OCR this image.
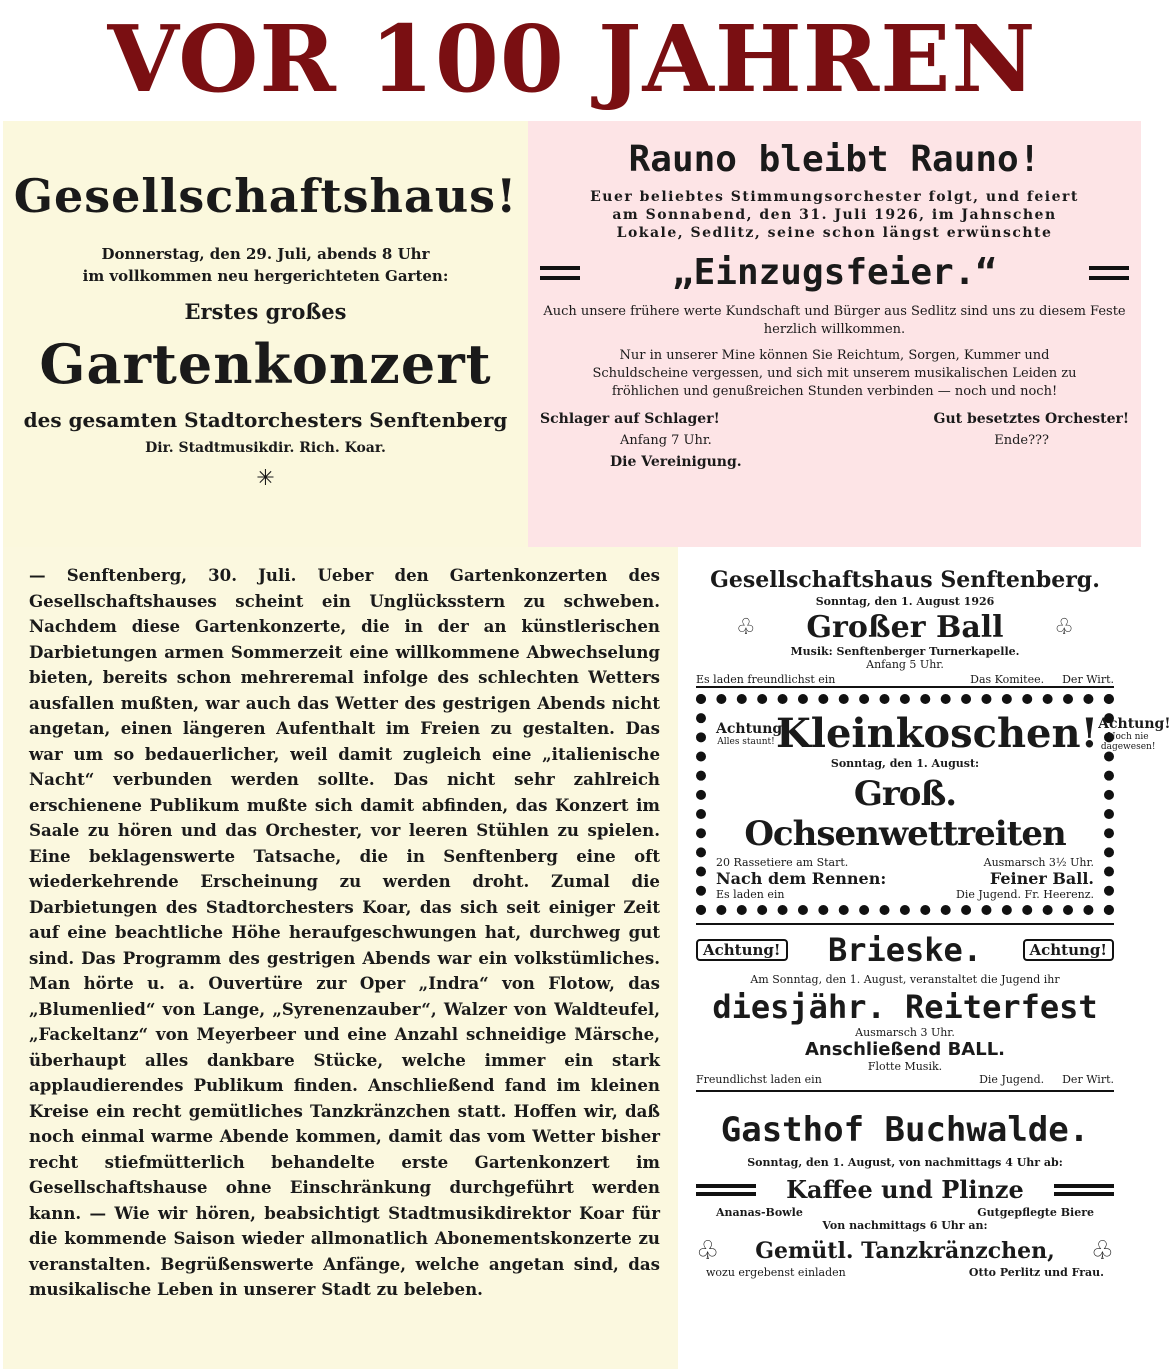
VOR 100 JAHREN
Gesellschaftshaus!
Donnerstag, den 29. Juli, abends 8 Uhr
im vollkommen neu hergerichteten Garten:
Erstes großes
Gartenkonzert
des gesamten Stadtorchesters Senftenberg
Dir. Stadtmusikdir. Rich. Koar.
✳
Rauno bleibt Rauno!
Euer beliebtes Stimmungsorchester folgt, und feiert am Sonnabend, den 31. Juli 1926, im Jahnschen Lokale, Sedlitz, seine schon längst erwünschte
„Einzugsfeier.“
Auch unsere frühere werte Kundschaft und Bürger aus Sedlitz sind uns zu diesem Feste herzlich willkommen.
Nur in unserer Mine können Sie Reichtum, Sorgen, Kummer und Schuldscheine vergessen, und sich mit unserem musikalischen Leiden zu fröhlichen und genußreichen Stunden verbinden — noch und noch!
Schlager auf Schlager!	Gut besetztes Orchester!
Anfang 7 Uhr.	Ende???
Die Vereinigung.
— Senftenberg, 30. Juli. Ueber den Gartenkonzerten des Gesellschaftshauses scheint ein Unglücksstern zu schweben. Nachdem diese Gartenkonzerte, die in der an künstlerischen Darbietungen armen Sommerzeit eine willkommene Abwechselung bieten, bereits schon mehreremal infolge des schlechten Wetters ausfallen mußten, war auch das Wetter des gestrigen Abends nicht angetan, einen längeren Aufenthalt im Freien zu gestalten. Das war um so bedauerlicher, weil damit zugleich eine „italienische Nacht“ verbunden werden sollte. Das nicht sehr zahlreich erschienene Publikum mußte sich damit abfinden, das Konzert im Saale zu hören und das Orchester, vor leeren Stühlen zu spielen. Eine beklagenswerte Tatsache, die in Senftenberg eine oft wiederkehrende Erscheinung zu werden droht. Zumal die Darbietungen des Stadtorchesters Koar, das sich seit einiger Zeit auf eine beachtliche Höhe heraufgeschwungen hat, durchweg gut sind. Das Programm des gestrigen Abends war ein volkstümliches. Man hörte u. a. Ouvertüre zur Oper „Indra“ von Flotow, das „Blumenlied“ von Lange, „Syrenenzauber“, Walzer von Waldteufel, „Fackeltanz“ von Meyerbeer und eine Anzahl schneidige Märsche, überhaupt alles dankbare Stücke, welche immer ein stark applaudierendes Publikum finden. Anschließend fand im kleinen Kreise ein recht gemütliches Tanzkränzchen statt. Hoffen wir, daß noch einmal warme Abende kommen, damit das vom Wetter bisher recht stiefmütterlich behandelte erste Gartenkonzert im Gesellschaftshause ohne Einschränkung durchgeführt werden kann. — Wie wir hören, beabsichtigt Stadtmusikdirektor Koar für die kommende Saison wieder allmonatlich Abonementskonzerte zu veranstalten. Begrüßenswerte Anfänge, welche angetan sind, das musikalische Leben in unserer Stadt zu beleben.
Gesellschaftshaus Senftenberg.
Sonntag, den 1. August 1926
♧ Großer Ball ♧
Musik: Senftenberger Turnerkapelle.
Anfang 5 Uhr.
Es laden freundlichst ein	Das Komitee. Der Wirt.
Achtung!
Alles staunt! Kleinkoschen! Achtung!
Noch nie dagewesen!
Sonntag, den 1. August:
Groß. Ochsenwettreiten
20 Rassetiere am Start.	Ausmarsch 3½ Uhr.
Nach dem Rennen:	Feiner Ball.
Es laden ein	Die Jugend. Fr. Heerenz.
Achtung! Brieske.	Achtung!
Am Sonntag, den 1. August, veranstaltet die Jugend ihr
diesjähr. Reiterfest
Ausmarsch 3 Uhr.
Anschließend BALL.
Flotte Musik.
Freundlichst laden ein	Die Jugend. Der Wirt.
Gasthof Buchwalde.
Sonntag, den 1. August, von nachmittags 4 Uhr ab:
Kaffee und Plinze
Ananas-Bowle	Gutgepflegte Biere
Von nachmittags 6 Uhr an:
♧ Gemütl. Tanzkränzchen, ♧
wozu ergebenst einladen	Otto Perlitz und Frau.
